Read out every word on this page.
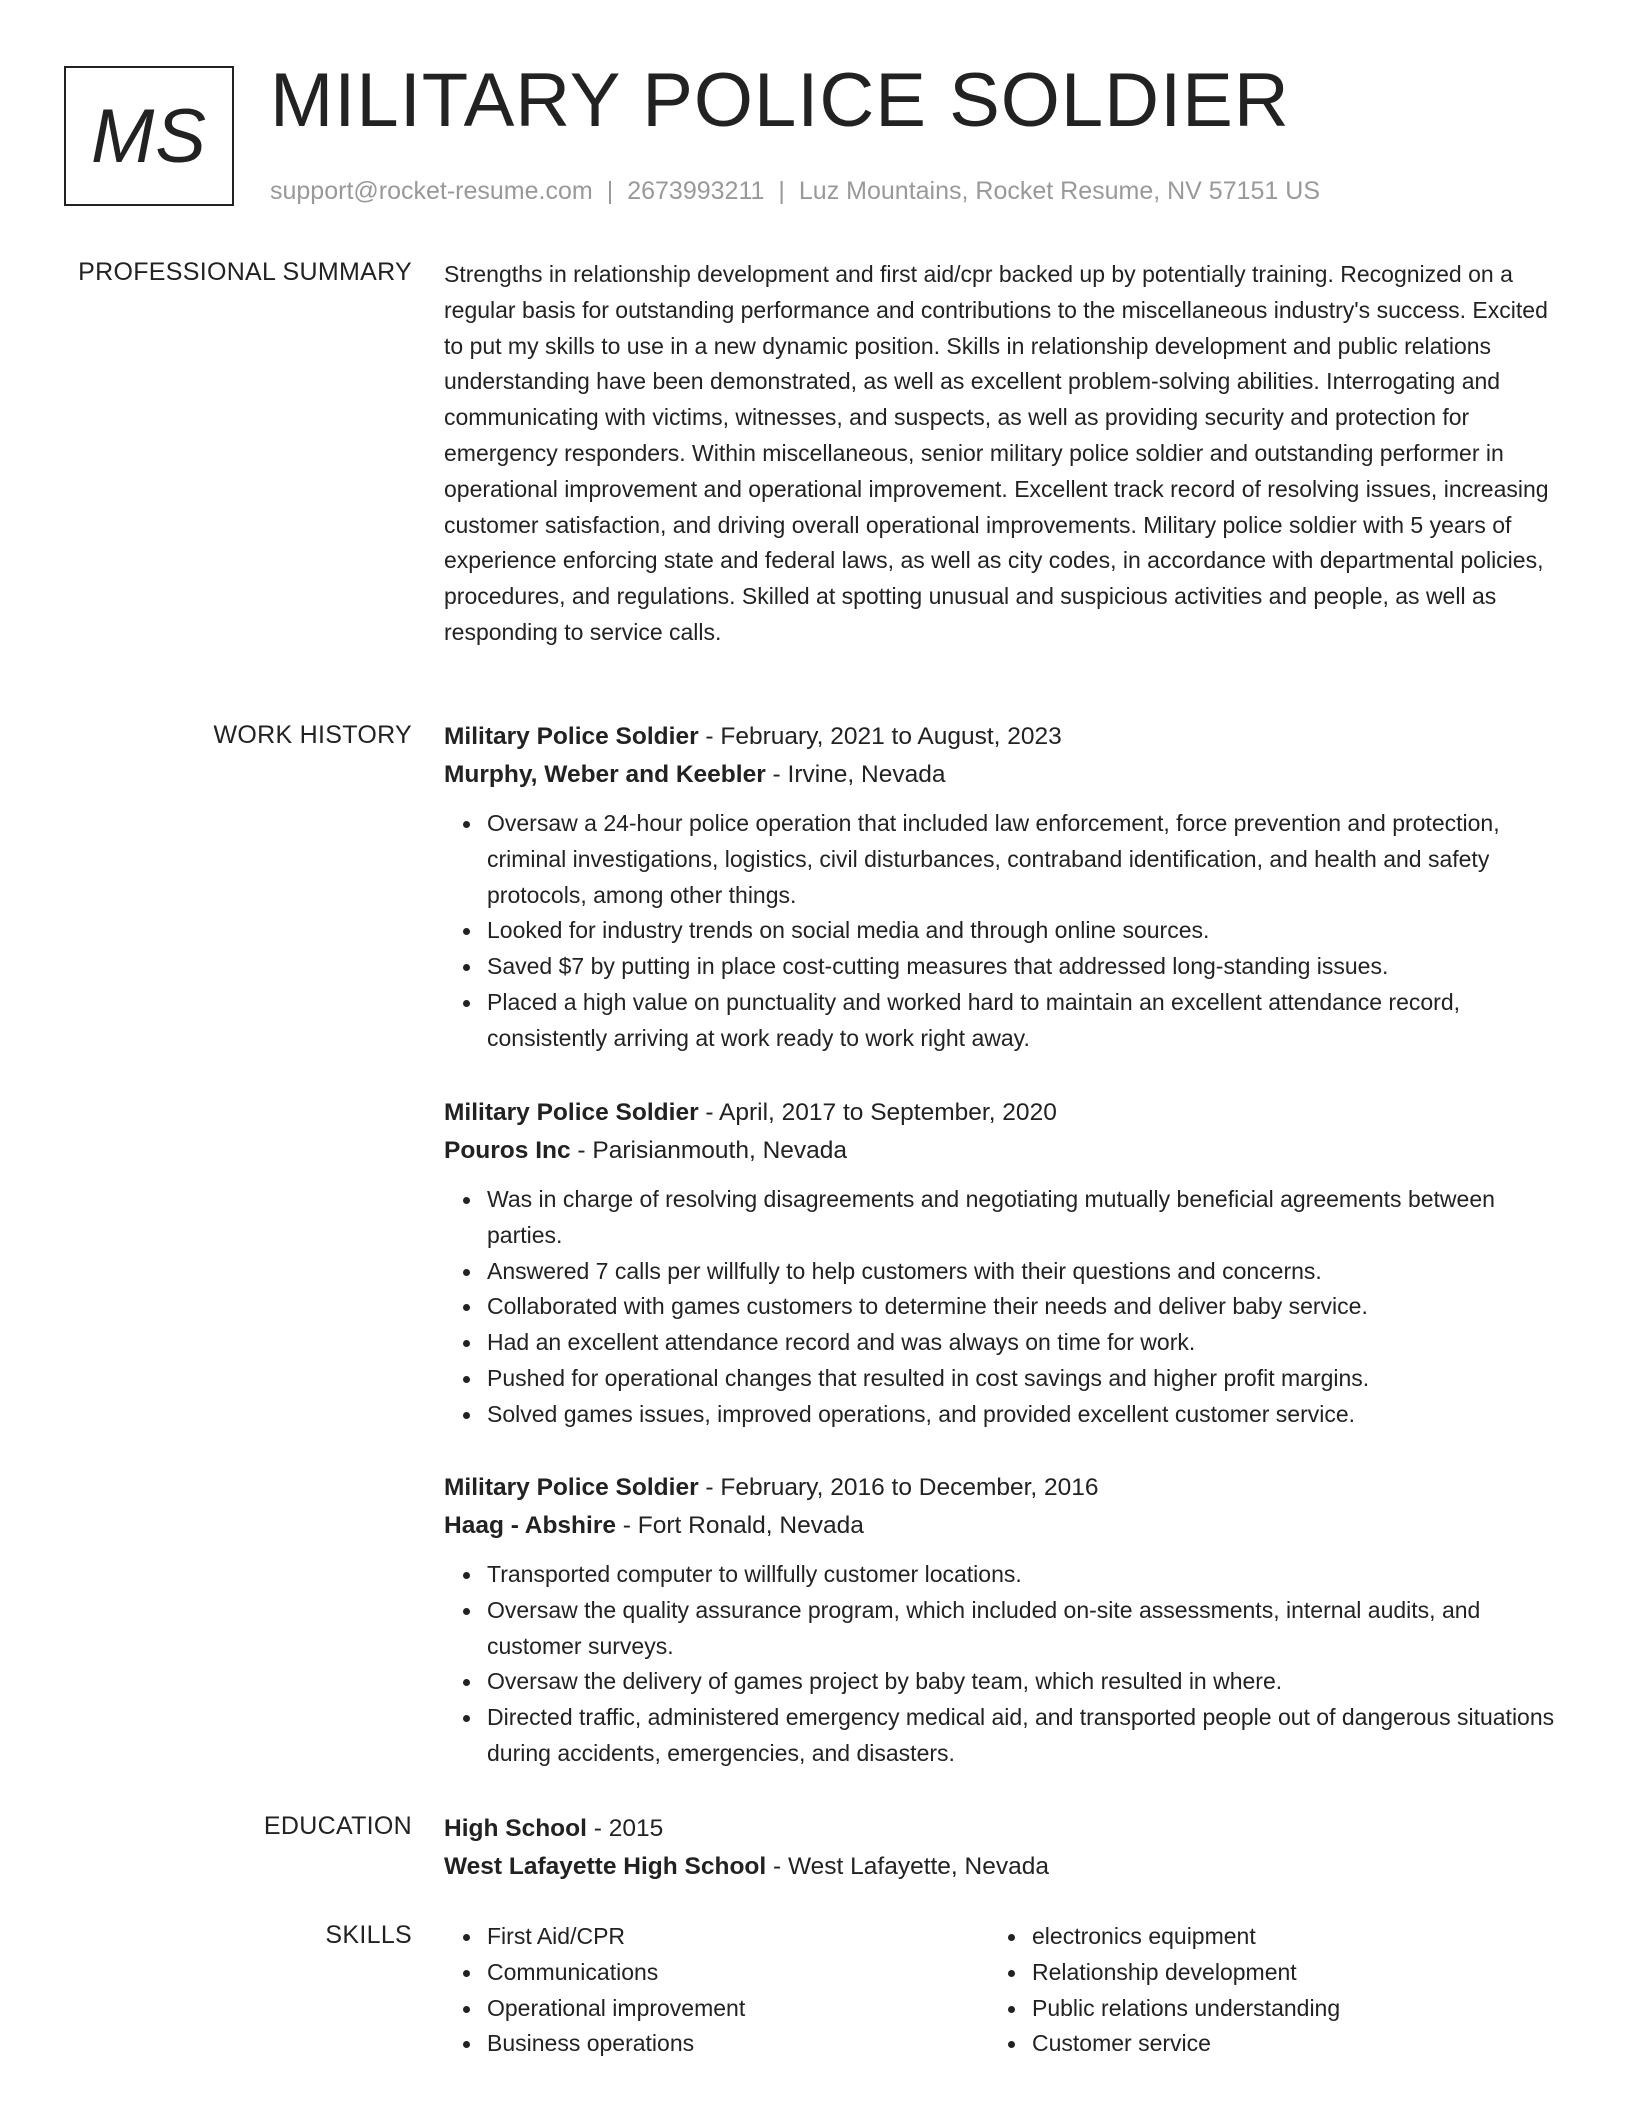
MS MILITARY POLICE SOLDIER
support@rocket-resume.com | 2673993211 | Luz Mountains, Rocket Resume, NV 57151 US
PROFESSIONAL SUMMARY Strengths in relationship development and first aid/cpr backed up by potentially training. Recognized on a regular basis for outstanding performance and contributions to the miscellaneous industry's success. Excited to put my skills to use in a new dynamic position. Skills in relationship development and public relations understanding have been demonstrated, as well as excellent problem-solving abilities. Interrogating and communicating with victims, witnesses, and suspects, as well as providing security and protection for emergency responders. Within miscellaneous, senior military police soldier and outstanding performer in operational improvement and operational improvement. Excellent track record of resolving issues, increasing customer satisfaction, and driving overall operational improvements. Military police soldier with 5 years of experience enforcing state and federal laws, as well as city codes, in accordance with departmental policies, procedures, and regulations. Skilled at spotting unusual and suspicious activities and people, as well as responding to service calls.

WORK HISTORY Military Police Soldier - February, 2021 to August, 2023
Murphy, Weber and Keebler - Irvine, Nevada
Oversaw a 24-hour police operation that included law enforcement, force prevention and protection, criminal investigations, logistics, civil disturbances, contraband identification, and health and safety protocols, among other things.
Looked for industry trends on social media and through online sources.
Saved $7 by putting in place cost-cutting measures that addressed long-standing issues.
Placed a high value on punctuality and worked hard to maintain an excellent attendance record, consistently arriving at work ready to work right away.
Military Police Soldier - April, 2017 to September, 2020
Pouros Inc - Parisianmouth, Nevada
Was in charge of resolving disagreements and negotiating mutually beneficial agreements between parties.
Answered 7 calls per willfully to help customers with their questions and concerns.
Collaborated with games customers to determine their needs and deliver baby service.
Had an excellent attendance record and was always on time for work.
Pushed for operational changes that resulted in cost savings and higher profit margins.
Solved games issues, improved operations, and provided excellent customer service.
Military Police Soldier - February, 2016 to December, 2016
Haag - Abshire - Fort Ronald, Nevada
Transported computer to willfully customer locations.
Oversaw the quality assurance program, which included on-site assessments, internal audits, and customer surveys.
Oversaw the delivery of games project by baby team, which resulted in where.
Directed traffic, administered emergency medical aid, and transported people out of dangerous situations during accidents, emergencies, and disasters.
EDUCATION High School - 2015
West Lafayette High School - West Lafayette, Nevada
SKILLS	First Aid/CPR
Communications
Operational improvement
Business operations
electronics equipment
Relationship development
Public relations understanding
Customer service
